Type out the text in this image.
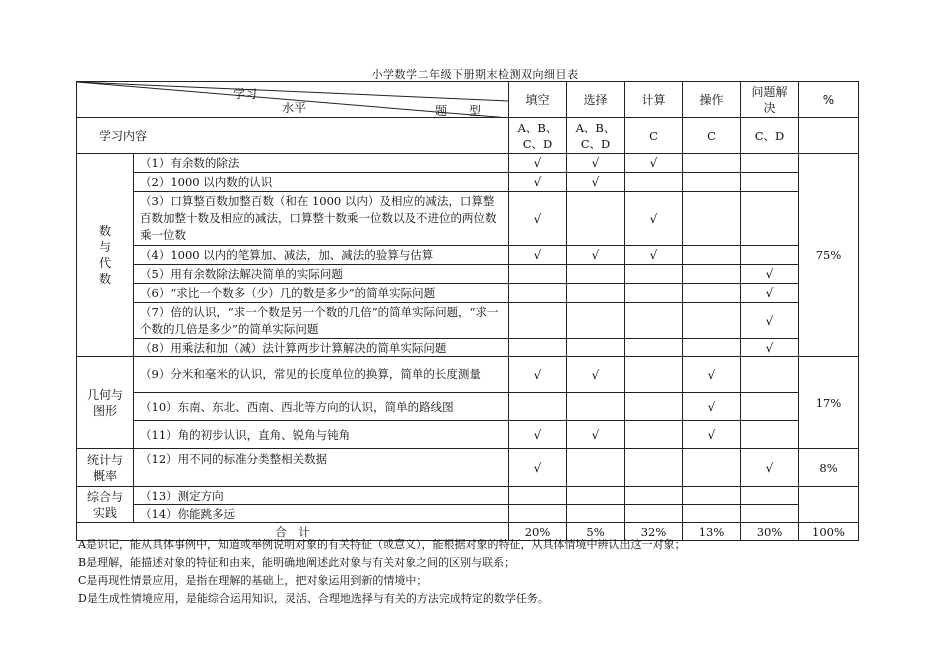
小学数学二年级下册期末检测双向细目表
学习
水平 题 型		填空	选择	计算	操作	问题解决	%
学习内容		A、B、C、D	A、B、C、D	C	C	C、D	
数与代数	（1）有余数的除法	√	√	√			75%
	（2）1000 以内数的认识	√	√				
	（3）口算整百数加整百数（和在 1000 以内）及相应的减法，口算整百数加整十数及相应的减法，口算整十数乘一位数以及不进位的两位数乘一位数	√		√			
	（4）1000 以内的笔算加、减法，加、减法的验算与估算	√	√	√			
	（5）用有余数除法解决简单的实际问题					√	
	（6）“求比一个数多（少）几的数是多少”的简单实际问题					√	
	（7）倍的认识，“求一个数是另一个数的几倍”的简单实际问题，“求一个数的几倍是多少”的简单实际问题					√	
	（8）用乘法和加（减）法计算两步计算解决的简单实际问题					√	
几何与图形	（9）分米和毫米的认识，常见的长度单位的换算，简单的长度测量	√	√		√		17%
	（10）东南、东北、西南、西北等方向的认识，简单的路线图				√		
	（11）角的初步认识，直角、锐角与钝角	√	√		√		
统计与概率	（12）用不同的标准分类整相关数据	√				√	8%
综合与实践	（13）测定方向						
	（14）你能跳多远						
合　计		20%	5%	32%	13%	30%	100%
A是识记，能从具体事例中，知道或举例说明对象的有关特征（或意义），能根据对象的特征，从具体情境中辨认出这一对象；
B是理解，能描述对象的特征和由来，能明确地阐述此对象与有关对象之间的区别与联系；
C是再现性情景应用，是指在理解的基础上，把对象运用到新的情境中；
D是生成性情境应用，是能综合运用知识，灵活、合理地选择与有关的方法完成特定的数学任务。
